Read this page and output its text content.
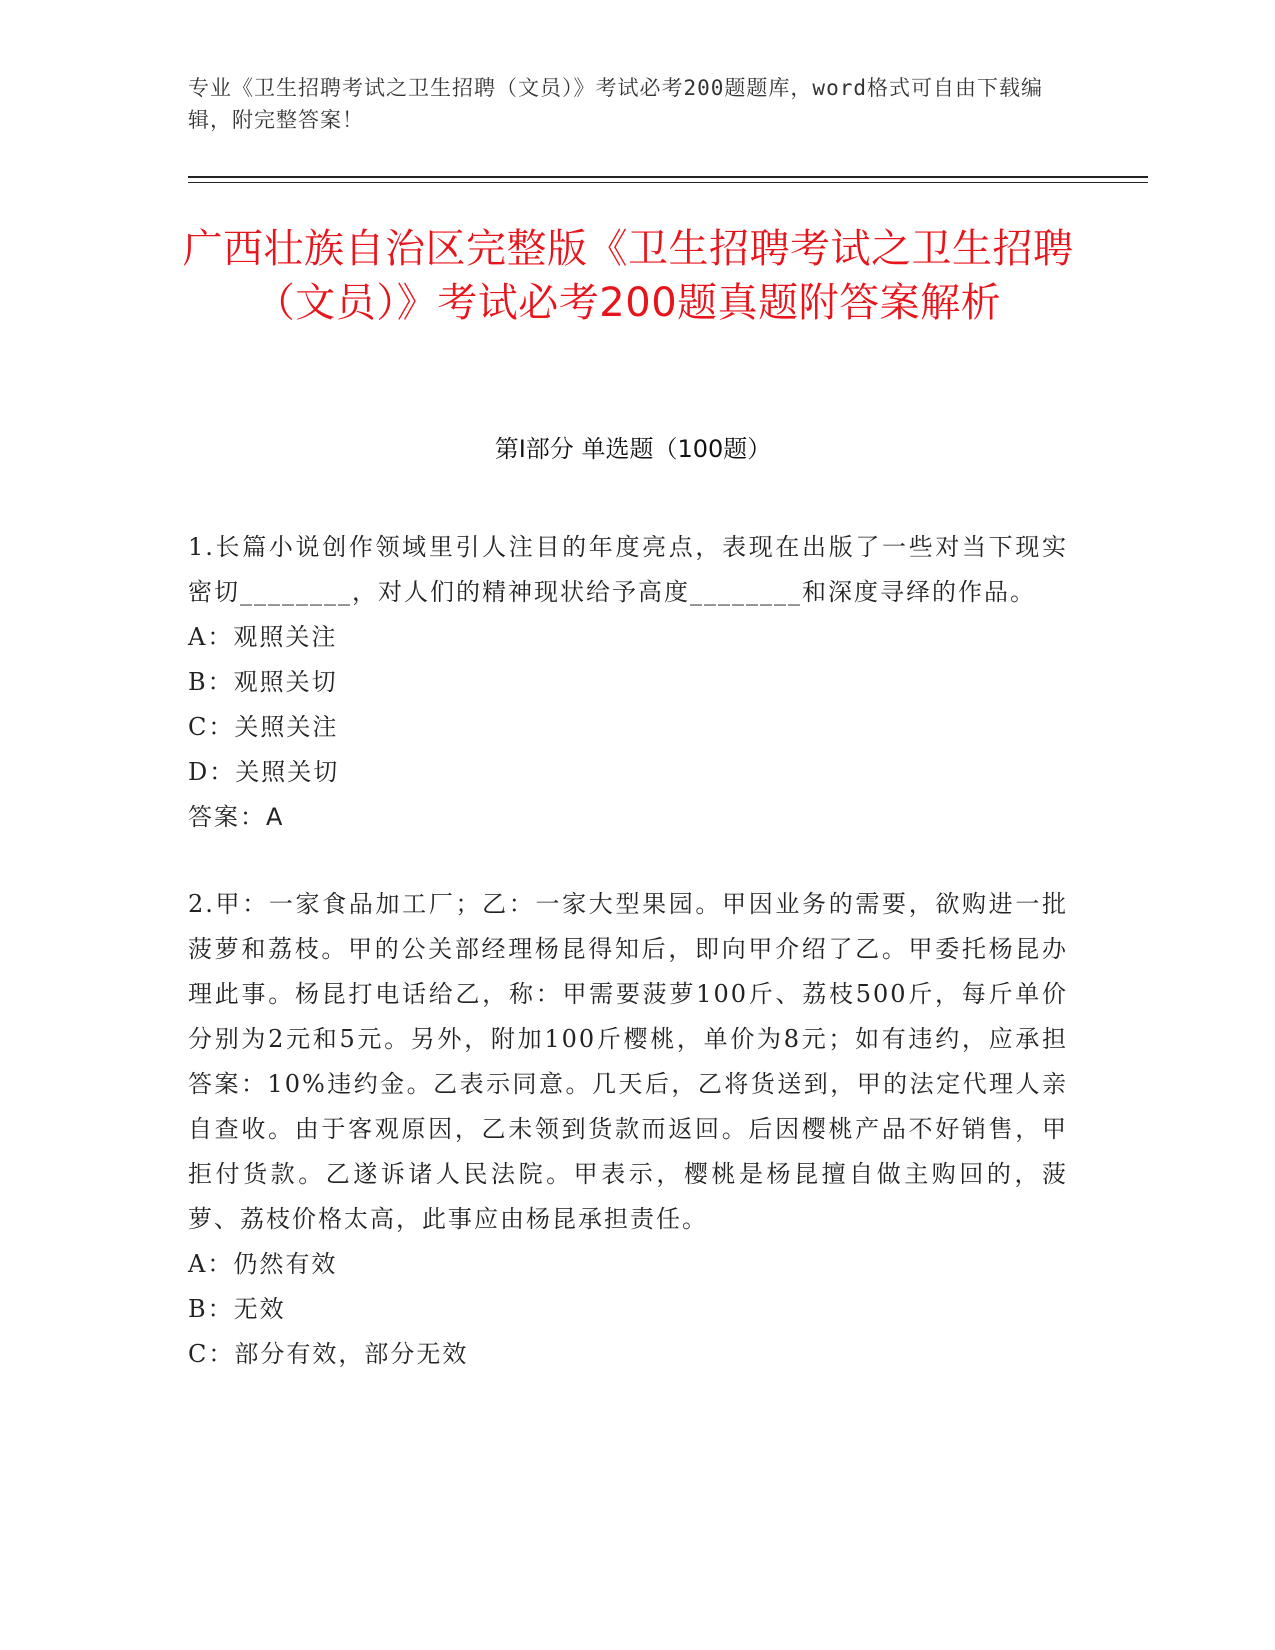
专业《卫生招聘考试之卫生招聘（文员）》考试必考200题题库，word格式可自由下载编辑，附完整答案！
广西壮族自治区完整版《卫生招聘考试之卫生招聘（文员）》考试必考200题真题附答案解析
第Ⅰ部分 单选题（100题）

1.长篇小说创作领域里引人注目的年度亮点，表现在出版了一些对当下现实密切________，对人们的精神现状给予高度________和深度寻绎的作品。

A：观照关注

B：观照关切

C：关照关注

D：关照关切

答案：A

2.甲：一家食品加工厂；乙：一家大型果园。甲因业务的需要，欲购进一批菠萝和荔枝。甲的公关部经理杨昆得知后，即向甲介绍了乙。甲委托杨昆办理此事。杨昆打电话给乙，称：甲需要菠萝100斤、荔枝500斤，每斤单价分别为2元和5元。另外，附加100斤樱桃，单价为8元；如有违约，应承担答案：10%违约金。乙表示同意。几天后，乙将货送到，甲的法定代理人亲自查收。由于客观原因，乙未领到货款而返回。后因樱桃产品不好销售，甲拒付货款。乙遂诉诸人民法院。甲表示，樱桃是杨昆擅自做主购回的，菠萝、荔枝价格太高，此事应由杨昆承担责任。

A：仍然有效

B：无效

C：部分有效，部分无效
